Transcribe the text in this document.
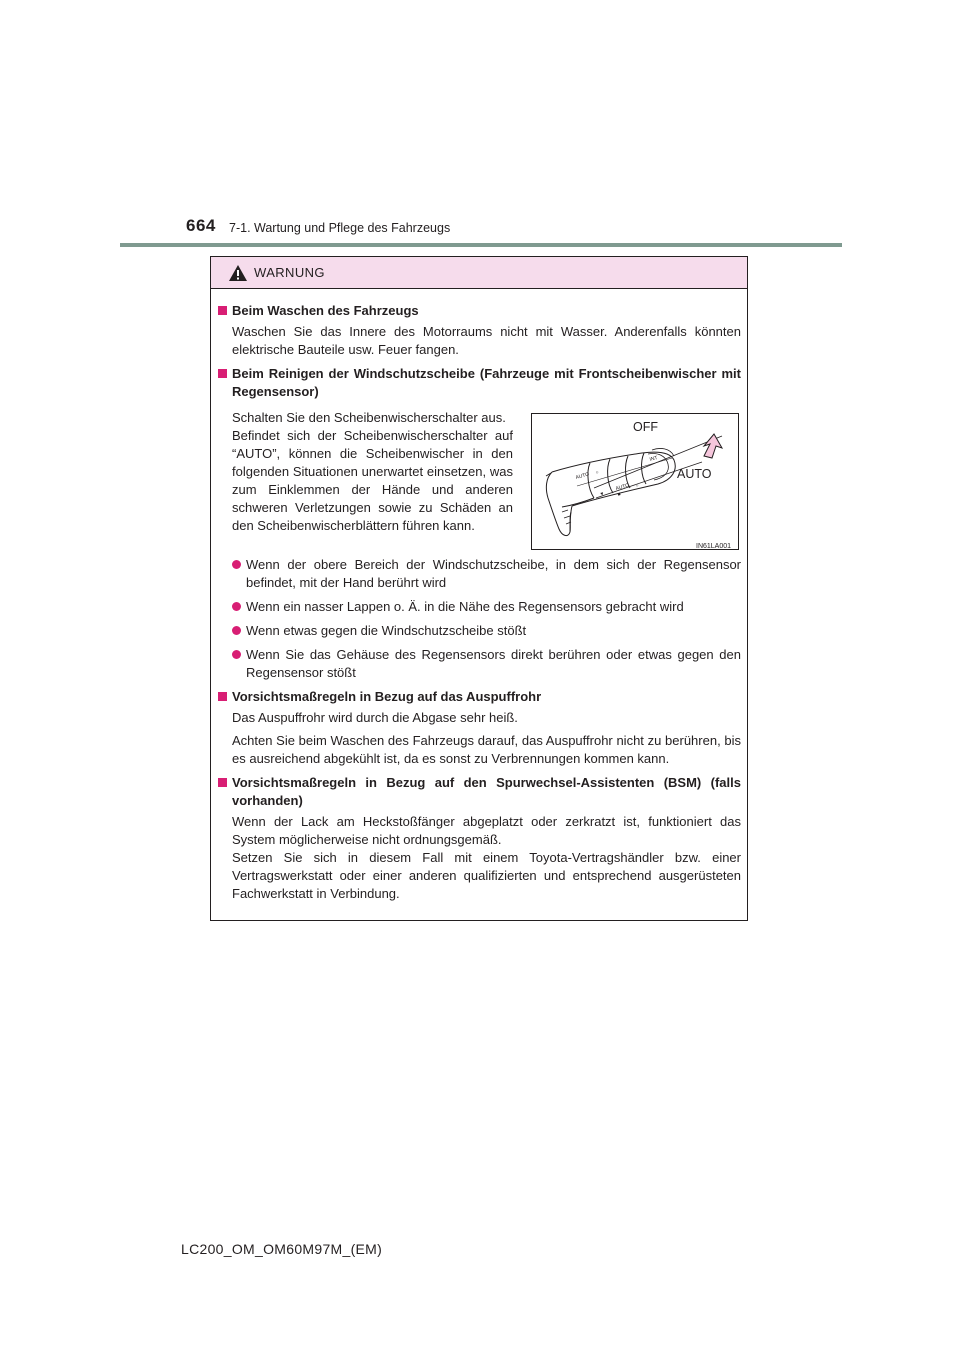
664 7-1. Wartung und Pflege des Fahrzeugs
WARNUNG
Beim Waschen des Fahrzeugs
Waschen Sie das Innere des Motorraums nicht mit Wasser. Anderenfalls könnten elektrische Bauteile usw. Feuer fangen.
Beim Reinigen der Windschutzscheibe (Fahrzeuge mit Frontscheibenwischer mit Regensensor)
Schalten Sie den Scheibenwischerschalter aus.
Befindet sich der Scheibenwischerschalter auf “AUTO”, können die Scheibenwischer in den folgenden Situationen unerwartet einsetzen, was zum Einklemmen der Hände und anderen schweren Verletzungen sowie zu Schäden an den Scheibenwischerblättern führen kann.
AUTO
AUTO
INT
○
○
▼ ■
OFF
AUTO
IN61LA001
Wenn der obere Bereich der Windschutzscheibe, in dem sich der Regensensor befindet, mit der Hand berührt wird
Wenn ein nasser Lappen o. Ä. in die Nähe des Regensensors gebracht wird
Wenn etwas gegen die Windschutzscheibe stößt
Wenn Sie das Gehäuse des Regensensors direkt berühren oder etwas gegen den Regensensor stößt
Vorsichtsmaßregeln in Bezug auf das Auspuffrohr
Das Auspuffrohr wird durch die Abgase sehr heiß.
Achten Sie beim Waschen des Fahrzeugs darauf, das Auspuffrohr nicht zu berühren, bis es ausreichend abgekühlt ist, da es sonst zu Verbrennungen kommen kann.
Vorsichtsmaßregeln in Bezug auf den Spurwechsel-Assistenten (BSM) (falls vorhanden)
Wenn der Lack am Heckstoßfänger abgeplatzt oder zerkratzt ist, funktioniert das System möglicherweise nicht ordnungsgemäß.
Setzen Sie sich in diesem Fall mit einem Toyota-Vertragshändler bzw. einer Vertragswerkstatt oder einer anderen qualifizierten und entsprechend ausgerüsteten Fachwerkstatt in Verbindung.
LC200_OM_OM60M97M_(EM)
